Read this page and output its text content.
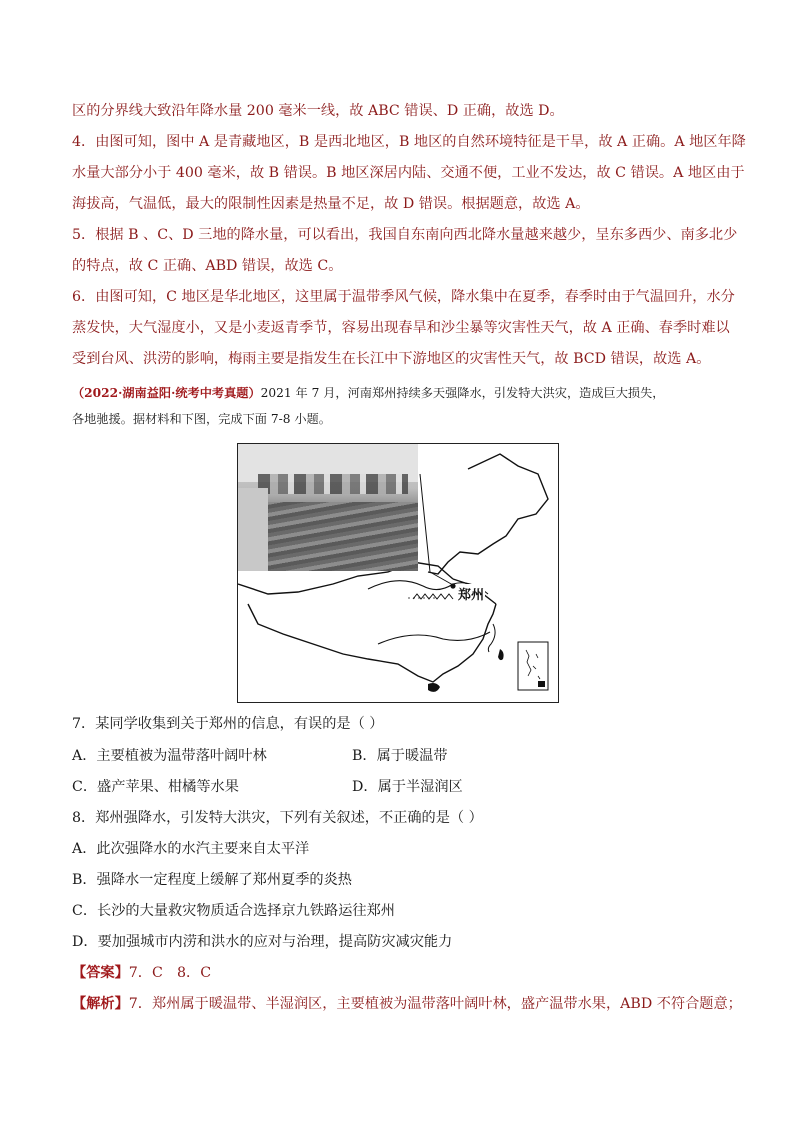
区的分界线大致沿年降水量 200 毫米一线，故 ABC 错误、D 正确，故选 D。
4．由图可知，图中 A 是青藏地区，B 是西北地区，B 地区的自然环境特征是干旱，故 A 正确。A 地区年降
水量大部分小于 400 毫米，故 B 错误。B 地区深居内陆、交通不便，工业不发达，故 C 错误。A 地区由于
海拔高，气温低，最大的限制性因素是热量不足，故 D 错误。根据题意，故选 A。
5．根据 B 、C、D 三地的降水量，可以看出，我国自东南向西北降水量越来越少，呈东多西少、南多北少
的特点，故 C 正确、ABD 错误，故选 C。
6．由图可知，C 地区是华北地区，这里属于温带季风气候，降水集中在夏季，春季时由于气温回升，水分
蒸发快，大气湿度小，又是小麦返青季节，容易出现春旱和沙尘暴等灾害性天气，故 A 正确、春季时难以
受到台风、洪涝的影响，梅雨主要是指发生在长江中下游地区的灾害性天气，故 BCD 错误，故选 A。
（2022·湖南益阳·统考中考真题）2021 年 7 月，河南郑州持续多天强降水，引发特大洪灾，造成巨大损失，
各地驰援。据材料和下图，完成下面 7-8 小题。
郑州
7．某同学收集到关于郑州的信息，有误的是（ ）
A．主要植被为温带落叶阔叶林	B．属于暖温带
C．盛产苹果、柑橘等水果	D．属于半湿润区
8．郑州强降水，引发特大洪灾，下列有关叙述，不正确的是（ ）
A．此次强降水的水汽主要来自太平洋
B．强降水一定程度上缓解了郑州夏季的炎热
C．长沙的大量救灾物质适合选择京九铁路运往郑州
D．要加强城市内涝和洪水的应对与治理，提高防灾减灾能力
【答案】7．C　8．C
【解析】7．郑州属于暖温带、半湿润区，主要植被为温带落叶阔叶林，盛产温带水果，ABD 不符合题意；
